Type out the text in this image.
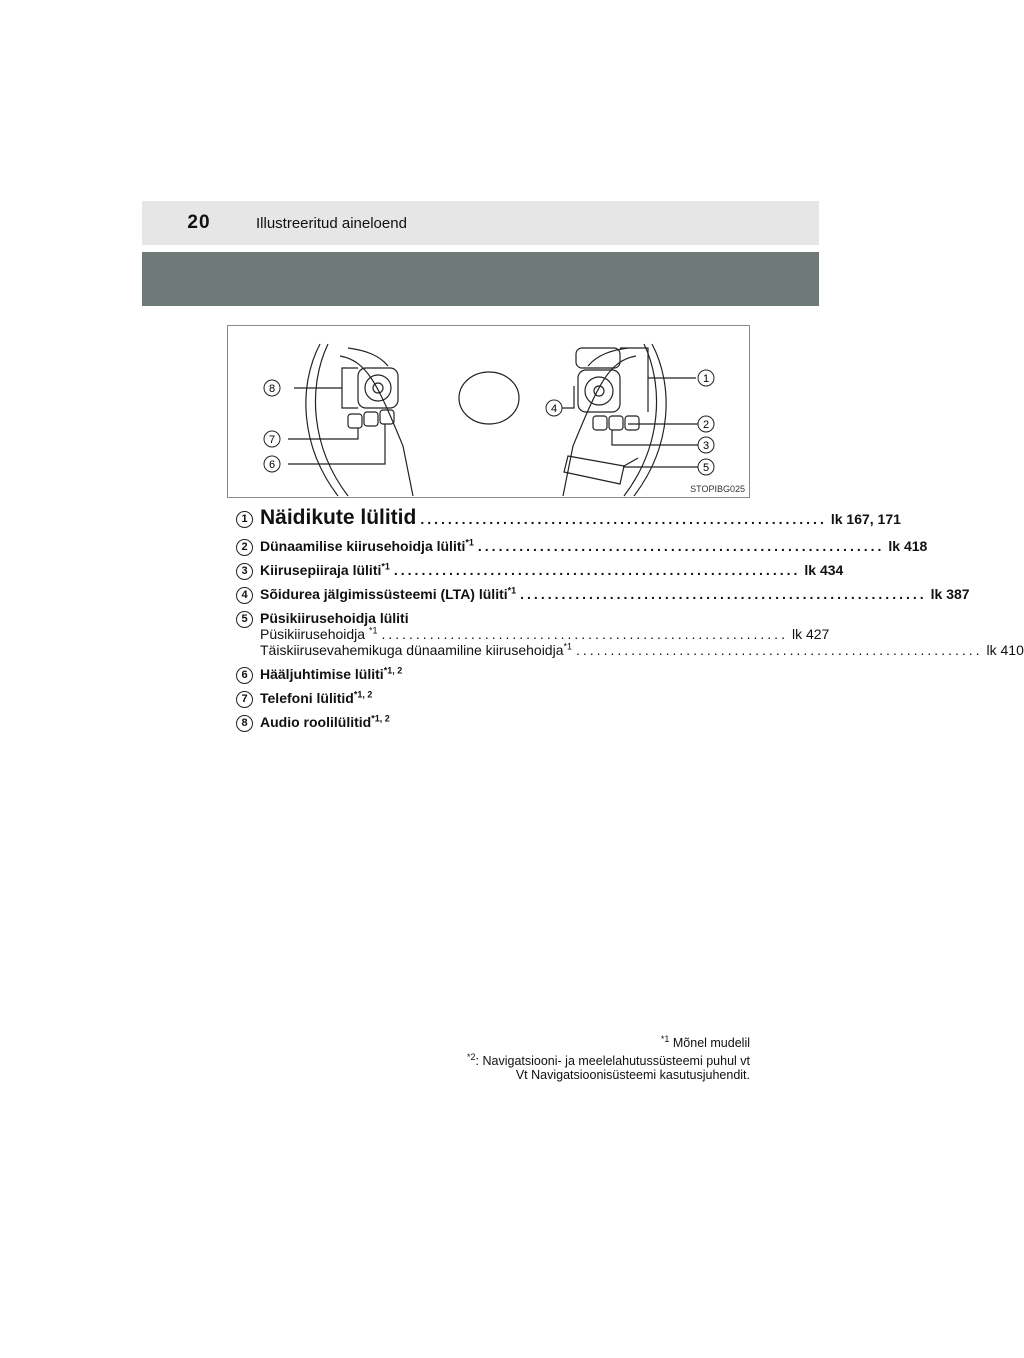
20	Illustreeritud aineloend
8
7
6
4
1
2
3
5
STOPIBG025
1 Näidikute lülitid ........................................................... lk 167, 171
2 Dünaamilise kiirusehoidja lüliti$^{*1}$ ........................................................... lk 418
3 Kiirusepiiraja lüliti$^{*1}$ ........................................................... lk 434
4 Sõidurea jälgimissüsteemi (LTA) lüliti$^{*1}$ ........................................................... lk 387
5 Püsikiirusehoidja lüliti
Püsikiirusehoidja $^{*1}$ ........................................................... lk 427
Täiskiirusevahemikuga dünaamiline kiirusehoidja$^{*1}$ ........................................................... lk 410
6 Hääljuhtimise lüliti$^{*1, 2}$
7 Telefoni lülitid$^{*1, 2}$
8 Audio roolilülitid$^{*1, 2}$
$^{*1}$ Mõnel mudelil
$^{*2}$: Navigatsiooni- ja meelelahutussüsteemi puhul vt
Vt Navigatsioonisüsteemi kasutusjuhendit.
